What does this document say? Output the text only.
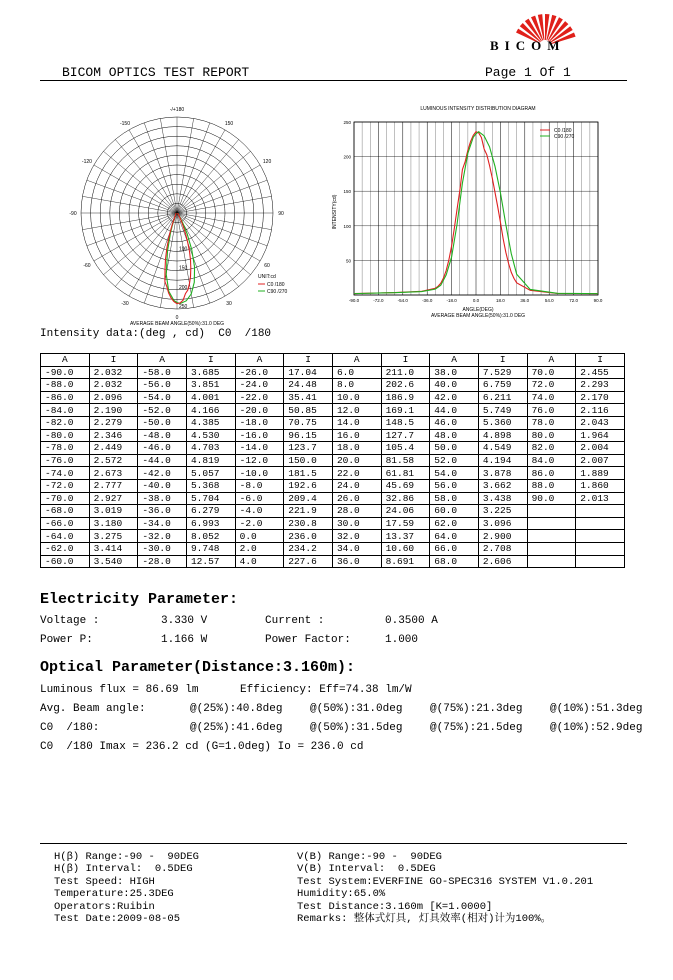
BICOM
BICOM OPTICS TEST REPORT	Page 1 Of 1
-/+180
150
120
90
60
30
0
-30
-60
-90
-120
-150
100
150
200
250
UNIT:cd
C0 /180
C90 /270
AVERAGE BEAM ANGLE(50%):31.0 DEG
LUMINOUS INTENSITY DISTRIBUTION DIAGRAM
-90.0	-72.0	-54.0	-36.0	-18.0	0.0	18.0	36.0	54.0	72.0	90.0
50
100
150
200
250
INTENSITY(cd)
ANGLE(DEG)
AVERAGE BEAM ANGLE(50%):31.0 DEG
C0 /180
C90 /270
Intensity data:(deg , cd)  C0  /180
A	I	A	I	A	I	A	I	A	I	A	I
-90.0	2.032	-58.0	3.685	-26.0	17.04	6.0	211.0	38.0	7.529	70.0	2.455
-88.0	2.032	-56.0	3.851	-24.0	24.48	8.0	202.6	40.0	6.759	72.0	2.293
-86.0	2.096	-54.0	4.001	-22.0	35.41	10.0	186.9	42.0	6.211	74.0	2.170
-84.0	2.190	-52.0	4.166	-20.0	50.85	12.0	169.1	44.0	5.749	76.0	2.116
-82.0	2.279	-50.0	4.385	-18.0	70.75	14.0	148.5	46.0	5.360	78.0	2.043
-80.0	2.346	-48.0	4.530	-16.0	96.15	16.0	127.7	48.0	4.898	80.0	1.964
-78.0	2.449	-46.0	4.703	-14.0	123.7	18.0	105.4	50.0	4.549	82.0	2.004
-76.0	2.572	-44.0	4.819	-12.0	150.0	20.0	81.58	52.0	4.194	84.0	2.007
-74.0	2.673	-42.0	5.057	-10.0	181.5	22.0	61.81	54.0	3.878	86.0	1.889
-72.0	2.777	-40.0	5.368	-8.0	192.6	24.0	45.69	56.0	3.662	88.0	1.860
-70.0	2.927	-38.0	5.704	-6.0	209.4	26.0	32.86	58.0	3.438	90.0	2.013
-68.0	3.019	-36.0	6.279	-4.0	221.9	28.0	24.06	60.0	3.225		
-66.0	3.180	-34.0	6.993	-2.0	230.8	30.0	17.59	62.0	3.096		
-64.0	3.275	-32.0	8.052	0.0	236.0	32.0	13.37	64.0	2.900		
-62.0	3.414	-30.0	9.748	2.0	234.2	34.0	10.60	66.0	2.708		
-60.0	3.540	-28.0	12.57	4.0	227.6	36.0	8.691	68.0	2.606		
Electricity Parameter:
Voltage :	3.330 V	Current :	0.3500 A
Power P:	1.166 W	Power Factor:	1.000
Optical Parameter(Distance:3.160m):
Luminous flux = 86.69 lm	Efficiency: Eff=74.38 lm/W
Avg. Beam angle:	@(25%):40.8deg	@(50%):31.0deg	@(75%):21.3deg	@(10%):51.3deg
C0  /180:	@(25%):41.6deg	@(50%):31.5deg	@(75%):21.5deg	@(10%):52.9deg
C0  /180 Imax = 236.2 cd (G=1.0deg) Io = 236.0 cd
H(β) Range:-90 -  90DEG
H(β) Interval:  0.5DEG
Test Speed: HIGH
Temperature:25.3DEG
Operators:Ruibin
Test Date:2009-08-05
V(B) Range:-90 -  90DEG
V(B) Interval:  0.5DEG
Test System:EVERFINE GO-SPEC316 SYSTEM V1.0.201
Humidity:65.0%
Test Distance:3.160m [K=1.0000]
Remarks: 整体式灯具, 灯具效率(相对)计为100%。
